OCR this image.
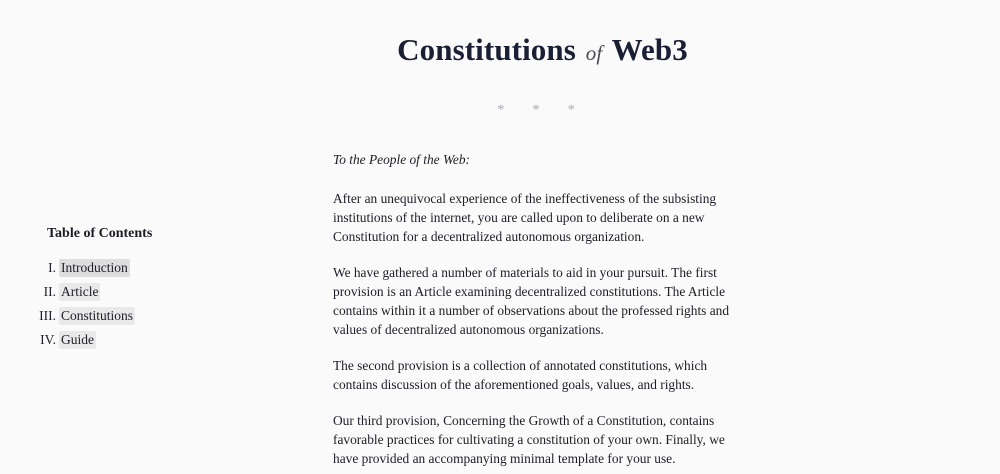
Constitutions of Web3
* * *
Table of Contents
I. Introduction
II. Article
III. Constitutions
IV. Guide

To the People of the Web:

After an unequivocal experience of the ineffectiveness of the subsisting institutions of the internet, you are called upon to deliberate on a new Constitution for a decentralized autonomous organization.

We have gathered a number of materials to aid in your pursuit. The first provision is an Article examining decentralized constitutions. The Article contains within it a number of observations about the professed rights and values of decentralized autonomous organizations.

The second provision is a collection of annotated constitutions, which contains discussion of the aforementioned goals, values, and rights.

Our third provision, Concerning the Growth of a Constitution, contains favorable practices for cultivating a constitution of your own. Finally, we have provided an accompanying minimal template for your use.
